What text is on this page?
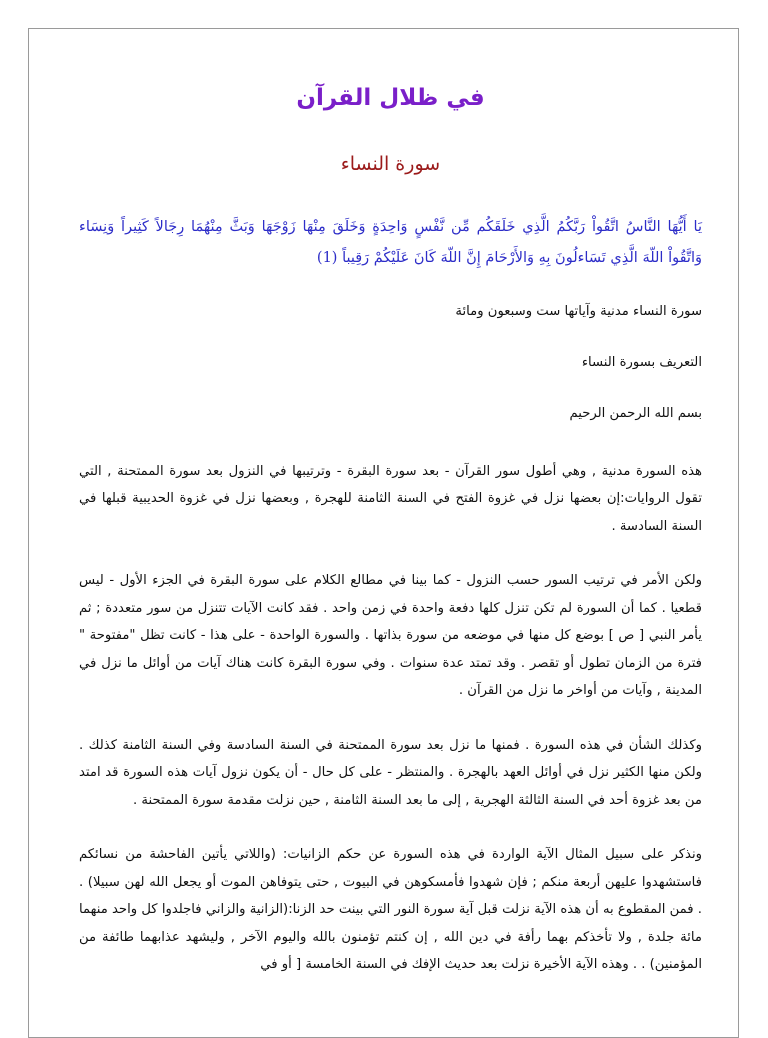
في ظلال القرآن
سورة النساء

يَا أَيُّهَا النَّاسُ اتَّقُواْ رَبَّكُمُ الَّذِي خَلَقَكُم مِّن نَّفْسٍ وَاحِدَةٍ وَخَلَقَ مِنْهَا زَوْجَهَا وَبَثَّ مِنْهُمَا رِجَالاً كَثِيراً وَنِسَاء وَاتَّقُواْ اللّهَ الَّذِي تَسَاءلُونَ بِهِ وَالأَرْحَامَ إِنَّ اللّهَ كَانَ عَلَيْكُمْ رَقِيباً (1)

سورة النساء مدنية وآياتها ست وسبعون ومائة

التعريف بسورة النساء

بسم الله الرحمن الرحيم

هذه السورة مدنية , وهي أطول سور القرآن - بعد سورة البقرة - وترتيبها في النزول بعد سورة الممتحنة , التي تقول الروايات:إن بعضها نزل في غزوة الفتح في السنة الثامنة للهجرة , وبعضها نزل في غزوة الحديبية قبلها في السنة السادسة .

ولكن الأمر في ترتيب السور حسب النزول - كما بينا في مطالع الكلام على سورة البقرة في الجزء الأول - ليس قطعيا . كما أن السورة لم تكن تنزل كلها دفعة واحدة في زمن واحد . فقد كانت الآيات تتنزل من سور متعددة ; ثم يأمر النبي [ ص ] بوضع كل منها في موضعه من سورة بذاتها . والسورة الواحدة - على هذا - كانت تظل "مفتوحة " فترة من الزمان تطول أو تقصر . وقد تمتد عدة سنوات . وفي سورة البقرة كانت هناك آيات من أوائل ما نزل في المدينة , وآيات من أواخر ما نزل من القرآن .

وكذلك الشأن في هذه السورة . فمنها ما نزل بعد سورة الممتحنة في السنة السادسة وفي السنة الثامنة كذلك . ولكن منها الكثير نزل في أوائل العهد بالهجرة . والمنتظر - على كل حال - أن يكون نزول آيات هذه السورة قد امتد من بعد غزوة أحد في السنة الثالثة الهجرية , إلى ما بعد السنة الثامنة , حين نزلت مقدمة سورة الممتحنة .

ونذكر على سبيل المثال الآية الواردة في هذه السورة عن حكم الزانيات: (واللاتي يأتين الفاحشة من نسائكم فاستشهدوا عليهن أربعة منكم ; فإن شهدوا فأمسكوهن في البيوت , حتى يتوفاهن الموت أو يجعل الله لهن سبيلا) . . فمن المقطوع به أن هذه الآية نزلت قبل آية سورة النور التي بينت حد الزنا:(الزانية والزاني فاجلدوا كل واحد منهما مائة جلدة , ولا تأخذكم بهما رأفة في دين الله , إن كنتم تؤمنون بالله واليوم الآخر , وليشهد عذابهما طائفة من المؤمنين) . . وهذه الآية الأخيرة نزلت بعد حديث الإفك في السنة الخامسة [ أو في
